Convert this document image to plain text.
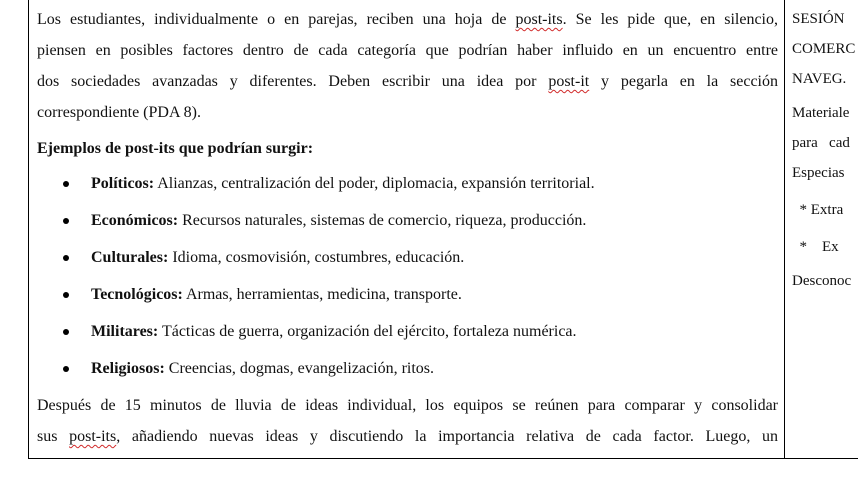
Los estudiantes, individualmente o en parejas, reciben una hoja de post-its. Se les pide que, en silencio,
piensen en posibles factores dentro de cada categoría que podrían haber influido en un encuentro entre
dos sociedades avanzadas y diferentes. Deben escribir una idea por post-it y pegarla en la sección
correspondiente (PDA 8).
Ejemplos de post-its que podrían surgir:
Políticos: Alianzas, centralización del poder, diplomacia, expansión territorial.
Económicos: Recursos naturales, sistemas de comercio, riqueza, producción.
Culturales: Idioma, cosmovisión, costumbres, educación.
Tecnológicos: Armas, herramientas, medicina, transporte.
Militares: Tácticas de guerra, organización del ejército, fortaleza numérica.
Religiosos: Creencias, dogmas, evangelización, ritos.
Después de 15 minutos de lluvia de ideas individual, los equipos se reúnen para comparar y consolidar
sus post-its, añadiendo nuevas ideas y discutiendo la importancia relativa de cada factor. Luego, un
SESIÓN
COMERC
NAVEG.
Materiale
para   cad
Especias
* Extra
*    Ex
Desconoc
